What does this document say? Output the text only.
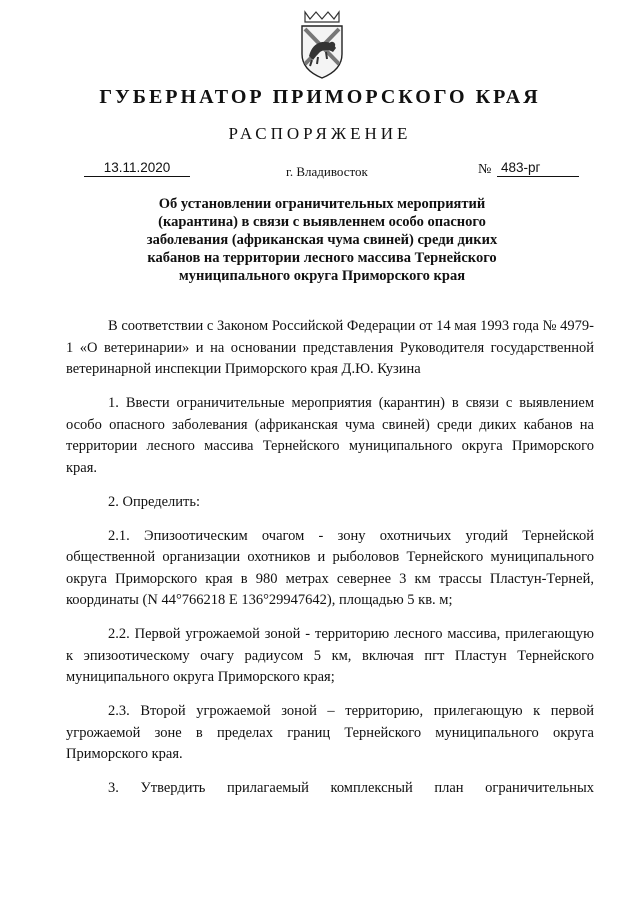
ГУБЕРНАТОР ПРИМОРСКОГО КРАЯ
РАСПОРЯЖЕНИЕ
13.11.2020	г. Владивосток	№ 483-рг
Об установлении ограничительных мероприятий
(карантина) в связи с выявленнем особо опасного
заболевания (африканская чума свиней) среди диких
кабанов на территории лесного массива Тернейского
муниципального округа Приморского края

В соответствии с Законом Российской Федерации от 14 мая 1993 года № 4979-1 «О ветеринарии» и на основании представления Руководителя государственной ветеринарной инспекции Приморского края Д.Ю. Кузина

1. Ввести ограничительные мероприятия (карантин) в связи с выявлением особо опасного заболевания (африканская чума свиней) среди диких кабанов на территории лесного массива Тернейского муниципального округа Приморского края.

2. Определить:

2.1. Эпизоотическим очагом - зону охотничьих угодий Тернейской общественной организации охотников и рыболовов Тернейского муниципального округа Приморского края в 980 метрах севернее 3 км трассы Пластун-Терней, координаты (N 44°766218 E 136°29947642), площадью 5 кв. м;

2.2. Первой угрожаемой зоной - территорию лесного массива, прилегающую к эпизоотическому очагу радиусом 5 км, включая пгт Пластун Тернейского муниципального округа Приморского края;

2.3. Второй угрожаемой зоной – территорию, прилегающую к первой угрожаемой зоне в пределах границ Тернейского муниципального округа Приморского края.

3. Утвердить прилагаемый комплексный план ограничительных
